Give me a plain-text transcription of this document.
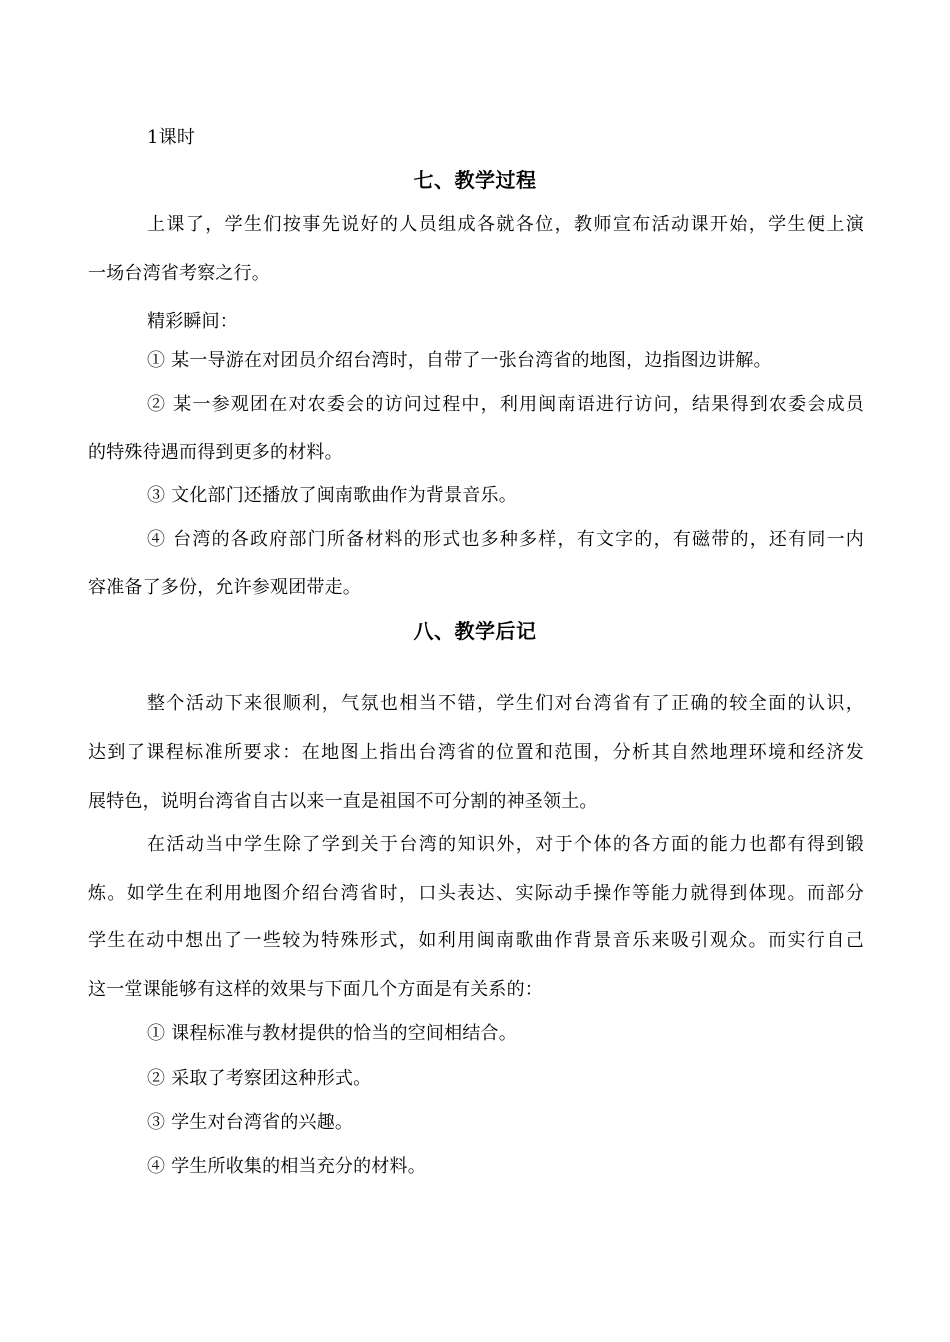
1课时
七、教学过程
上课了，学生们按事先说好的人员组成各就各位，教师宣布活动课开始，学生便上演
一场台湾省考察之行。
精彩瞬间：
① 某一导游在对团员介绍台湾时，自带了一张台湾省的地图，边指图边讲解。
② 某一参观团在对农委会的访问过程中，利用闽南语进行访问，结果得到农委会成员
的特殊待遇而得到更多的材料。
③ 文化部门还播放了闽南歌曲作为背景音乐。
④ 台湾的各政府部门所备材料的形式也多种多样，有文字的，有磁带的，还有同一内
容准备了多份，允许参观团带走。
八、教学后记
整个活动下来很顺利，气氛也相当不错，学生们对台湾省有了正确的较全面的认识，
达到了课程标准所要求：在地图上指出台湾省的位置和范围，分析其自然地理环境和经济发
展特色，说明台湾省自古以来一直是祖国不可分割的神圣领土。
在活动当中学生除了学到关于台湾的知识外，对于个体的各方面的能力也都有得到锻
炼。如学生在利用地图介绍台湾省时，口头表达、实际动手操作等能力就得到体现。而部分
学生在动中想出了一些较为特殊形式，如利用闽南歌曲作背景音乐来吸引观众。而实行自己
这一堂课能够有这样的效果与下面几个方面是有关系的：
① 课程标准与教材提供的恰当的空间相结合。
② 采取了考察团这种形式。
③ 学生对台湾省的兴趣。
④ 学生所收集的相当充分的材料。
